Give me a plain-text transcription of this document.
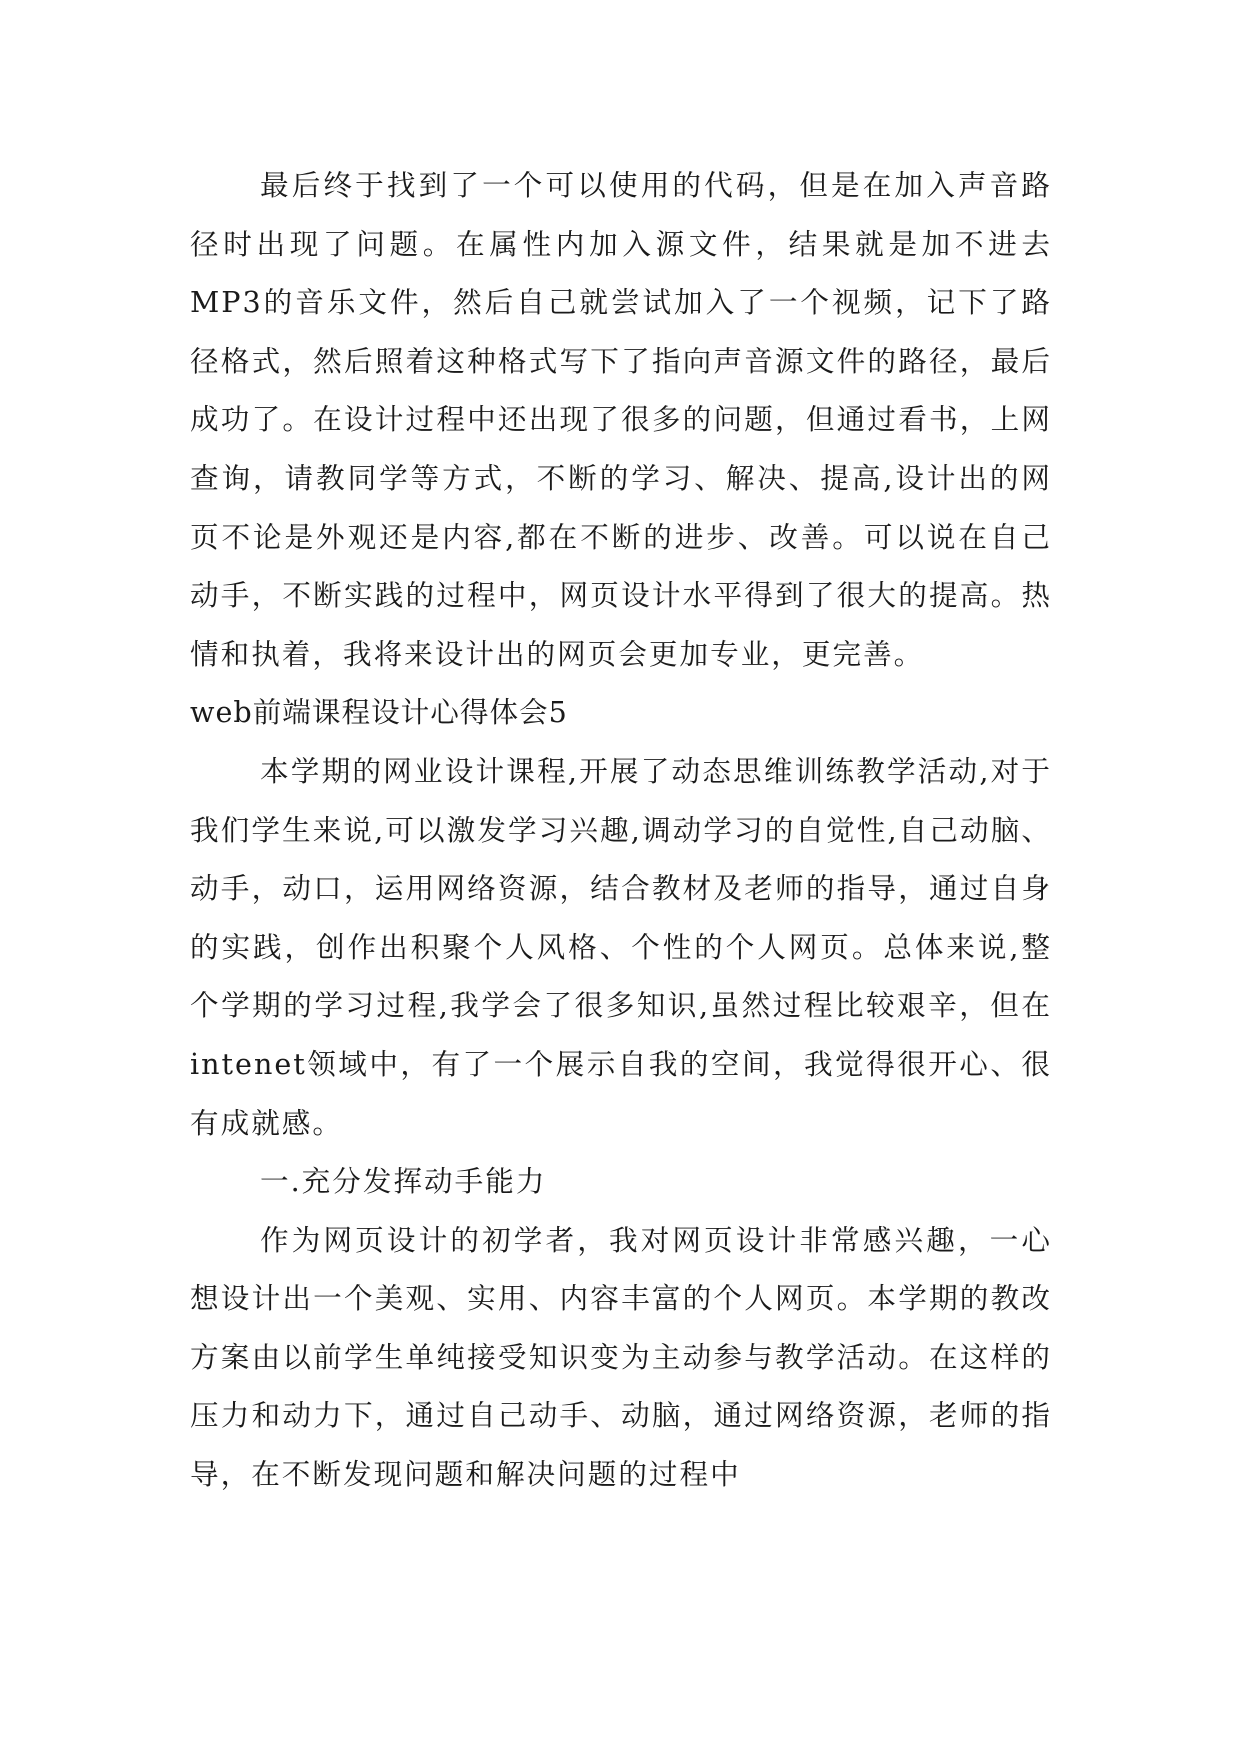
最后终于找到了一个可以使用的代码，但是在加入声音路径时出现了问题。在属性内加入源文件，结果就是加不进去MP3的音乐文件，然后自己就尝试加入了一个视频，记下了路径格式，然后照着这种格式写下了指向声音源文件的路径，最后成功了。在设计过程中还出现了很多的问题，但通过看书，上网查询，请教同学等方式，不断的学习、解决、提高,设计出的网页不论是外观还是内容,都在不断的进步、改善。可以说在自己动手，不断实践的过程中，网页设计水平得到了很大的提高。热情和执着，我将来设计出的网页会更加专业，更完善。

web前端课程设计心得体会5

本学期的网业设计课程,开展了动态思维训练教学活动,对于我们学生来说,可以激发学习兴趣,调动学习的自觉性,自己动脑、动手，动口，运用网络资源，结合教材及老师的指导，通过自身的实践，创作出积聚个人风格、个性的个人网页。总体来说,整个学期的学习过程,我学会了很多知识,虽然过程比较艰辛，但在intenet领域中，有了一个展示自我的空间，我觉得很开心、很有成就感。

一.充分发挥动手能力

作为网页设计的初学者，我对网页设计非常感兴趣，一心想设计出一个美观、实用、内容丰富的个人网页。本学期的教改方案由以前学生单纯接受知识变为主动参与教学活动。在这样的压力和动力下，通过自己动手、动脑，通过网络资源，老师的指导，在不断发现问题和解决问题的过程中
